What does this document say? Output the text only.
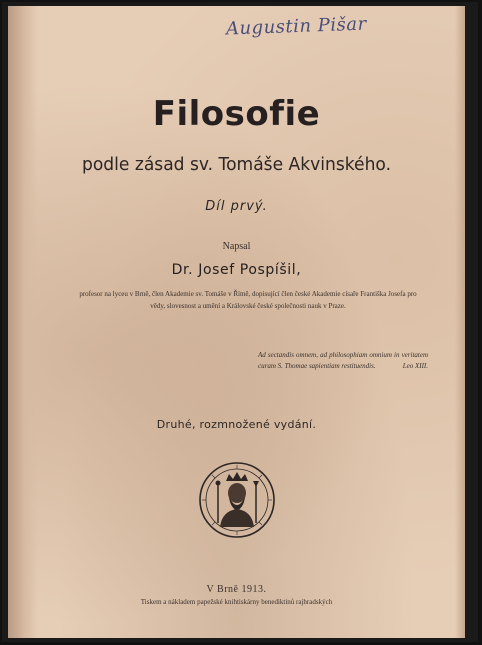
Augustin Pišar
Filosofie
podle zásad sv. Tomáše Akvinského.
Díl prvý.
Napsal
Dr. Josef Pospíšil,
profesor na lyceu v Brně, člen Akademie sv. Tomáše v Římě, dopisující člen české Akademie císaře Františka Josefa pro vědy, slovesnost a umění a Královské české společnosti nauk v Praze.
Ad sectandis omnem, ad philosophiam omnium in veritatem curam S. Thomae sapientiam restituendis.	Leo XIII.
Druhé, rozmnožené vydání.
V Brně 1913.
Tiskem a nákladem papežské knihtiskárny benediktinů rajhradských
